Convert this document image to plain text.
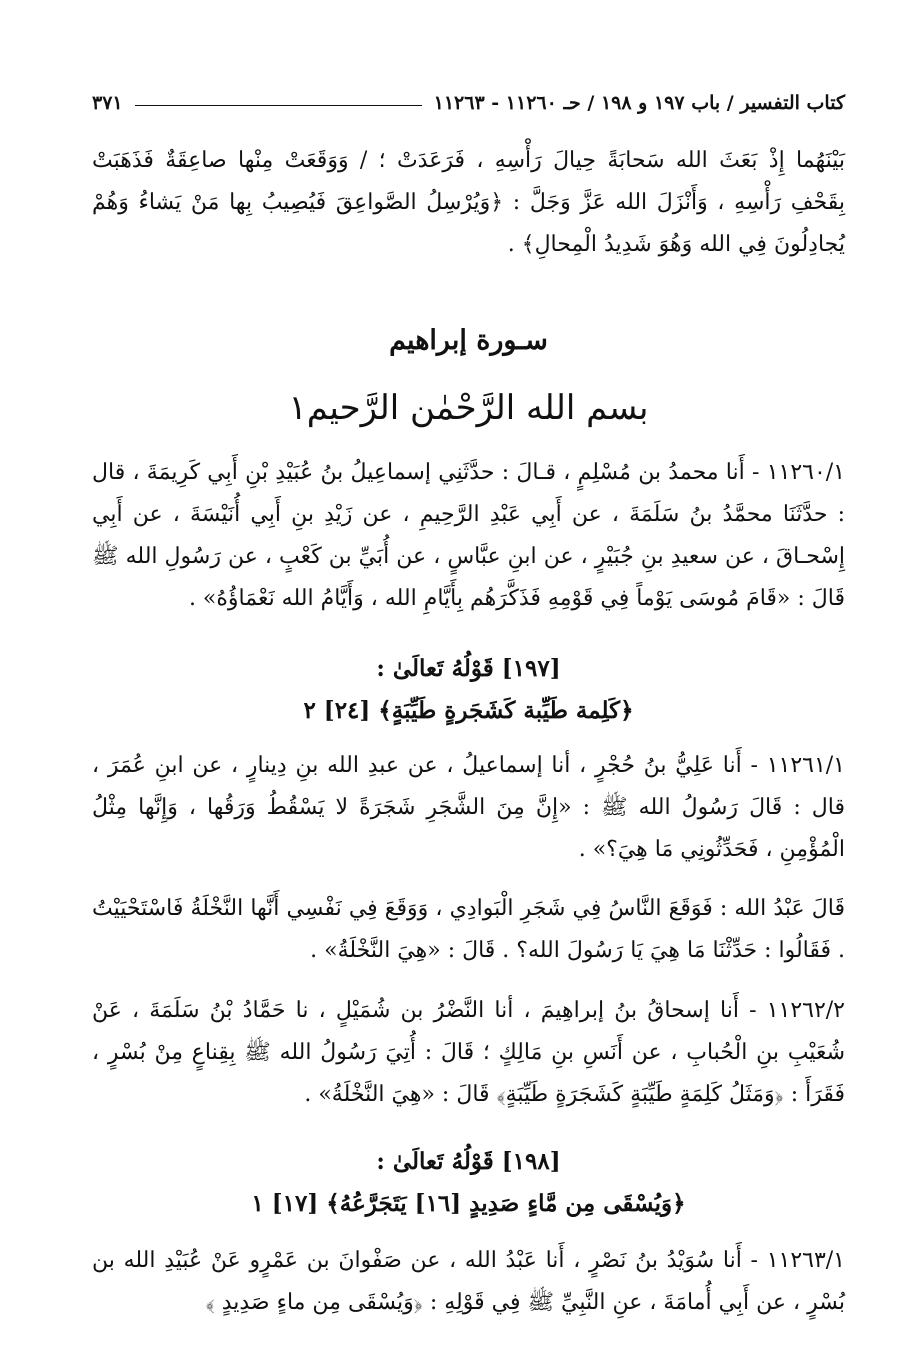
كتاب التفسير / باب ١٩٧ و ١٩٨ / حـ ١١٢٦٠ - ١١٢٦٣
٣٧١
بَيْنَهُما إِذْ بَعَثَ الله سَحابَةً حِيالَ رَأْسِهِ ، فَرَعَدَتْ ؛ / وَوَقَعَتْ مِنْها صاعِقَةٌ فَذَهَبَتْ بِقَحْفِ رَأْسِهِ ، وَأَنْزَلَ الله عَزَّ وَجَلَّ : ﴿وَيُرْسِلُ الصَّواعِقَ فَيُصِيبُ بِها مَنْ يَشاءُ وَهُمْ يُجادِلُونَ فِي الله وَهُوَ شَدِيدُ الْمِحالِ﴾ .
سـورة إبراهيم
بسم الله الرَّحْمٰن الرَّحيم١
١١٢٦٠/١ - أَنا محمدُ بن مُسْلِمٍ ، قـالَ : حدَّثَنِي إسماعِيلُ بنُ عُبَيْدِ بْنِ أَبِي كَرِيمَةَ ، قال : حدَّثَنَا محمَّدُ بنُ سَلَمَةَ ، عن أَبِي عَبْدِ الرَّحِيمِ ، عن زَيْدِ بنِ أَبِي أُنَيْسَةَ ، عن أَبِي إِسْحـاقَ ، عن سعيدِ بنِ جُبَيْرٍ ، عن ابنِ عبَّاسٍ ، عن أُبَيِّ بن كَعْبٍ ، عن رَسُولِ الله ﷺ قَالَ : «قَامَ مُوسَى يَوْماً فِي قَوْمِهِ فَذَكَّرَهُم بِأَيَّامِ الله ، وَأَيَّامُ الله نَعْمَاؤُهُ» .
[١٩٧] قَوْلُهُ تَعالَىٰ :
﴿كَلِمة طَيِّبة كَشَجَرةٍ طَيِّبَةٍ﴾ [٢٤] ٢
١١٢٦١/١ - أَنا عَلِيُّ بنُ حُجْرٍ ، أنا إسماعيلُ ، عن عبدِ الله بنِ دِينارٍ ، عن ابنِ عُمَرَ ، قال : قَالَ رَسُولُ الله ﷺ : «إِنَّ مِنَ الشَّجَرِ شَجَرَةً لا يَسْقُطُ وَرَقُها ، وَإِنَّها مِثْلُ الْمُؤْمِنِ ، فَحَدِّثُونِي مَا هِيَ؟» .
قَالَ عَبْدُ الله : فَوَقَعَ النَّاسُ فِي شَجَرِ الْبَوادِي ، وَوَقَعَ فِي نَفْسِي أَنَّها النَّخْلَةُ فَاسْتَحْيَيْتُ . فَقَالُوا : حَدِّثْنَا مَا هِيَ يَا رَسُولَ الله؟ . قَالَ : «هِيَ النَّخْلَةُ» .
١١٢٦٢/٢ - أَنا إسحاقُ بنُ إبراهِيمَ ، أنا النَّضْرُ بن شُمَيْلٍ ، نا حَمَّادُ بْنُ سَلَمَةَ ، عَنْ شُعَيْبِ بنِ الْحُبابِ ، عن أَنَسِ بنِ مَالِكٍ ؛ قَالَ : أُتِيَ رَسُولُ الله ﷺ بِقِناعٍ مِنْ بُسْرٍ ، فَقَرَأَ : ﴿وَمَثَلُ كَلِمَةٍ طَيِّبَةٍ كَشَجَرَةٍ طَيِّبَةٍ﴾ قَالَ : «هِيَ النَّخْلَةُ» .
[١٩٨] قَوْلُهُ تَعالَىٰ :
﴿وَيُسْقَى مِن مَّاءٍ صَدِيدٍ [١٦] يَتَجَرَّعُهُ﴾ [١٧] ١
١١٢٦٣/١ - أَنا سُوَيْدُ بنُ نَصْرٍ ، أَنا عَبْدُ الله ، عن صَفْوانَ بن عَمْرٍو عَنْ عُبَيْدِ الله بن بُسْرٍ ، عن أَبِي أُمامَةَ ، عنِ النَّبِيِّ ﷺ فِي قَوْلِهِ : ﴿وَيُسْقَى مِن ماءٍ صَدِيدٍ ﴾
